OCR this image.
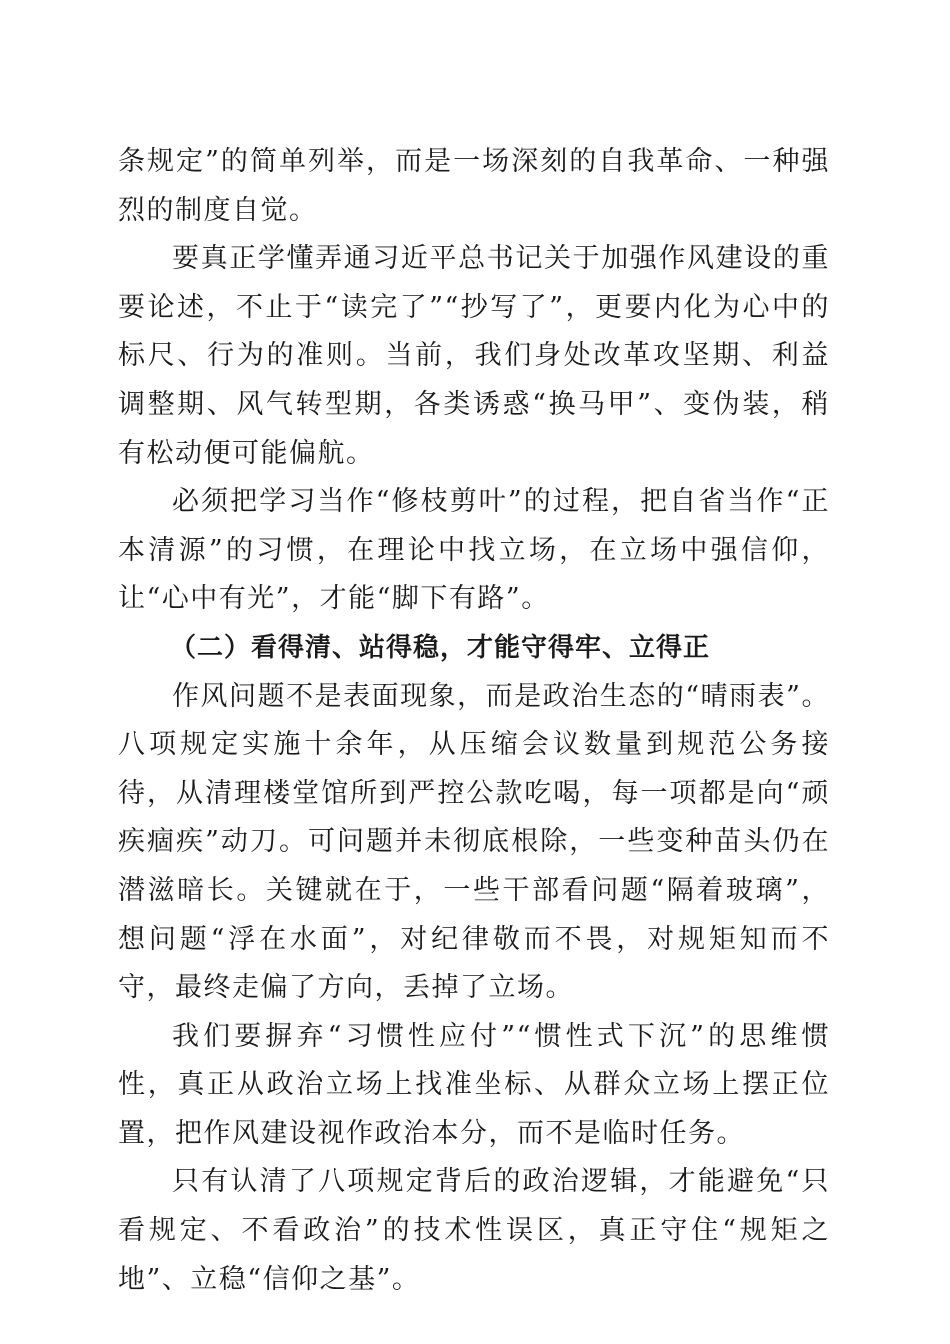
条规定”的简单列举，而是一场深刻的自我革命、一种强烈的制度自觉。

要真正学懂弄通习近平总书记关于加强作风建设的重要论述，不止于“读完了”“抄写了”，更要内化为心中的标尺、行为的准则。当前，我们身处改革攻坚期、利益调整期、风气转型期，各类诱惑“换马甲”、变伪装，稍有松动便可能偏航。

必须把学习当作“修枝剪叶”的过程，把自省当作“正本清源”的习惯，在理论中找立场，在立场中强信仰，让“心中有光”，才能“脚下有路”。

（二）看得清、站得稳，才能守得牢、立得正

作风问题不是表面现象，而是政治生态的“晴雨表”。八项规定实施十余年，从压缩会议数量到规范公务接待，从清理楼堂馆所到严控公款吃喝，每一项都是向“顽疾痼疾”动刀。可问题并未彻底根除，一些变种苗头仍在潜滋暗长。关键就在于，一些干部看问题“隔着玻璃”，想问题“浮在水面”，对纪律敬而不畏，对规矩知而不守，最终走偏了方向，丢掉了立场。

我们要摒弃“习惯性应付”“惯性式下沉”的思维惯性，真正从政治立场上找准坐标、从群众立场上摆正位置，把作风建设视作政治本分，而不是临时任务。

只有认清了八项规定背后的政治逻辑，才能避免“只看规定、不看政治”的技术性误区，真正守住“规矩之地”、立稳“信仰之基”。
